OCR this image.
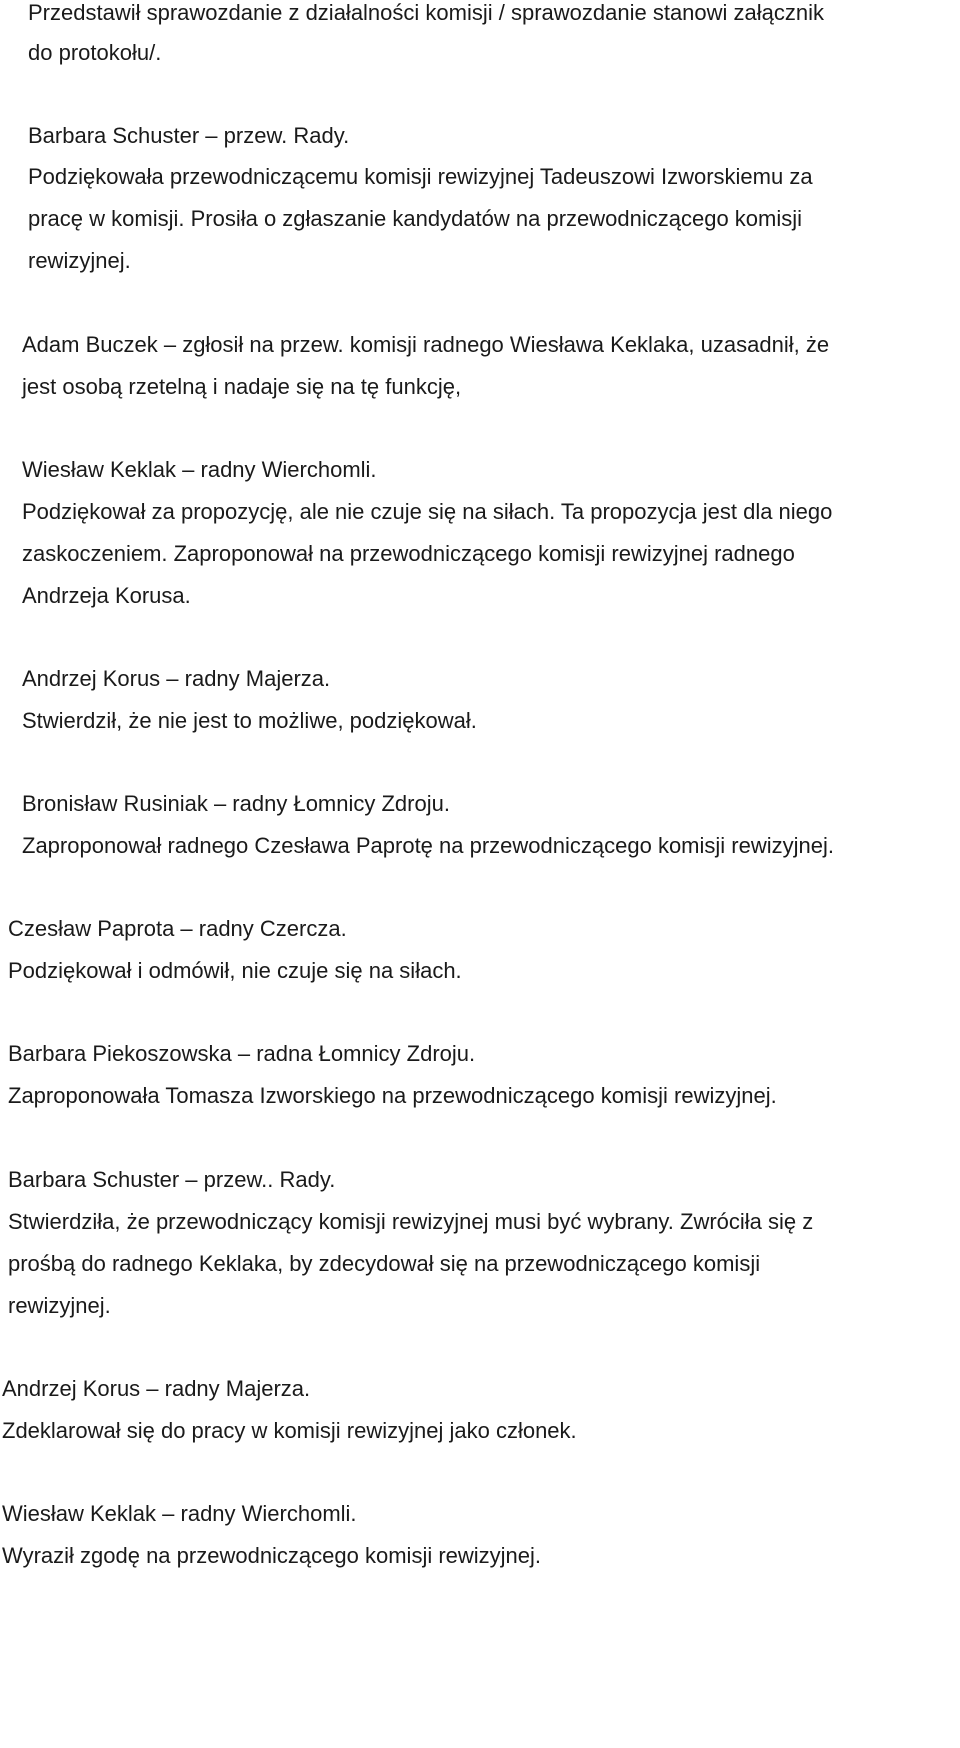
Przedstawił sprawozdanie z działalności komisji / sprawozdanie stanowi załącznik

do protokołu/.

Barbara Schuster – przew. Rady.

Podziękowała przewodniczącemu komisji rewizyjnej Tadeuszowi Izworskiemu za

pracę w komisji. Prosiła o zgłaszanie kandydatów na przewodniczącego komisji

rewizyjnej.

Adam Buczek – zgłosił na przew. komisji radnego Wiesława Keklaka, uzasadnił, że

jest osobą rzetelną i nadaje się na tę funkcję,

Wiesław Keklak – radny Wierchomli.

Podziękował za propozycję, ale nie czuje się na siłach. Ta propozycja jest dla niego

zaskoczeniem. Zaproponował na przewodniczącego komisji rewizyjnej radnego

Andrzeja Korusa.

Andrzej Korus – radny Majerza.

Stwierdził, że nie jest to możliwe, podziękował.

Bronisław Rusiniak – radny Łomnicy Zdroju.

Zaproponował radnego Czesława Paprotę na przewodniczącego komisji rewizyjnej.

Czesław Paprota – radny Czercza.

Podziękował i odmówił, nie czuje się na siłach.

Barbara Piekoszowska – radna Łomnicy Zdroju.

Zaproponowała Tomasza Izworskiego na przewodniczącego komisji rewizyjnej.

Barbara Schuster – przew.. Rady.

Stwierdziła, że przewodniczący komisji rewizyjnej musi być wybrany. Zwróciła się z

prośbą do radnego Keklaka, by zdecydował się na przewodniczącego komisji

rewizyjnej.

Andrzej Korus – radny Majerza.

Zdeklarował się do pracy w komisji rewizyjnej jako członek.

Wiesław Keklak – radny Wierchomli.

Wyraził zgodę na przewodniczącego komisji rewizyjnej.
